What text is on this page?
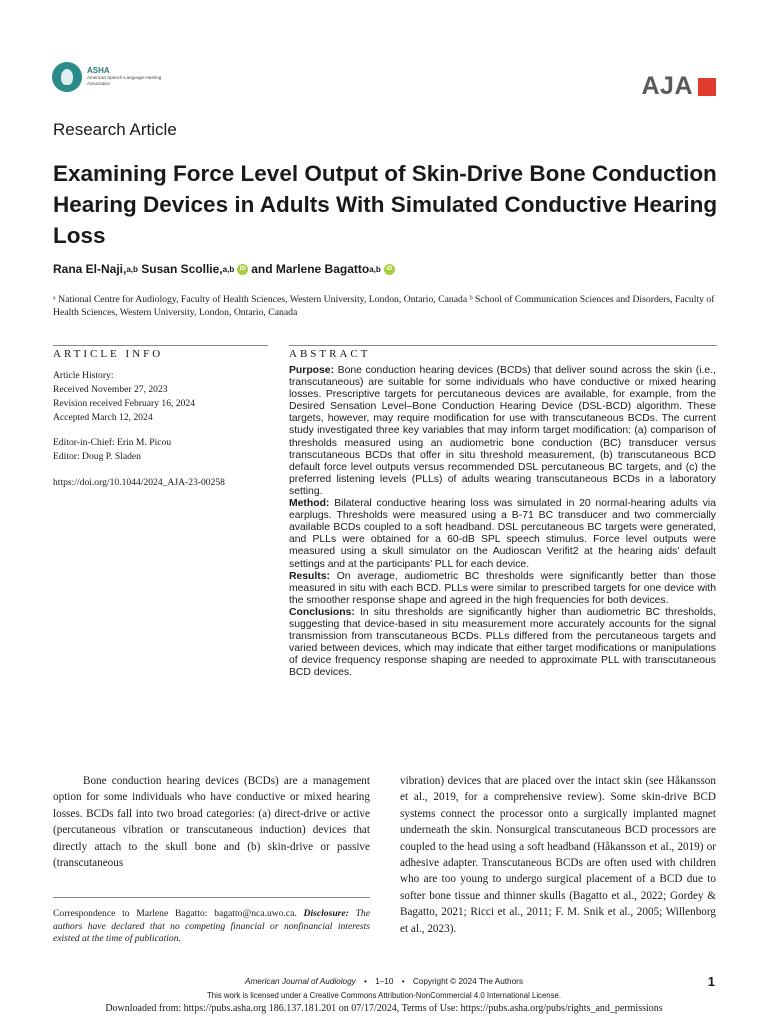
ASHA
American Speech-Language-Hearing Association	AJA
Research Article
Examining Force Level Output of Skin-Drive Bone Conduction Hearing Devices in Adults With Simulated Conductive Hearing Loss
Rana El-Naji, a,b
Susan Scollie, a,b iD and Marlene Bagatto a,b iD
ᵃ National Centre for Audiology, Faculty of Health Sciences, Western University, London, Ontario, Canada ᵇ School of Communication Sciences and Disorders, Faculty of Health Sciences, Western University, London, Ontario, Canada
ARTICLE INFO
Article History:
Received November 27, 2023
Revision received February 16, 2024
Accepted March 12, 2024
Editor-in-Chief: Erin M. Picou
Editor: Doug P. Sladen
https://doi.org/10.1044/2024_AJA-23-00258
ABSTRACT

Purpose: Bone conduction hearing devices (BCDs) that deliver sound across the skin (i.e., transcutaneous) are suitable for some individuals who have conductive or mixed hearing losses. Prescriptive targets for percutaneous devices are available, for example, from the Desired Sensation Level–Bone Conduction Hearing Device (DSL-BCD) algorithm. These targets, however, may require modification for use with transcutaneous BCDs. The current study investigated three key variables that may inform target modification: (a) comparison of thresholds measured using an audiometric bone conduction (BC) transducer versus transcutaneous BCDs that offer in situ threshold measurement, (b) transcutaneous BCD default force level outputs versus recommended DSL percutaneous BC targets, and (c) the preferred listening levels (PLLs) of adults wearing transcutaneous BCDs in a laboratory setting.

Method: Bilateral conductive hearing loss was simulated in 20 normal-hearing adults via earplugs. Thresholds were measured using a B-71 BC transducer and two commercially available BCDs coupled to a soft headband. DSL percutaneous BC targets were generated, and PLLs were obtained for a 60-dB SPL speech stimulus. Force level outputs were measured using a skull simulator on the Audioscan Verifit2 at the hearing aids’ default settings and at the participants’ PLL for each device.

Results: On average, audiometric BC thresholds were significantly better than those measured in situ with each BCD. PLLs were similar to prescribed targets for one device with the smoother response shape and agreed in the high frequencies for both devices.

Conclusions: In situ thresholds are significantly higher than audiometric BC thresholds, suggesting that device-based in situ measurement more accurately accounts for the signal transmission from transcutaneous BCDs. PLLs differed from the percutaneous targets and varied between devices, which may indicate that either target modifications or manipulations of device frequency response shaping are needed to approximate PLL with transcutaneous BCD devices.

Bone conduction hearing devices (BCDs) are a management option for some individuals who have conductive or mixed hearing losses. BCDs fall into two broad categories: (a) direct-drive or active (percutaneous vibration or transcutaneous induction) devices that directly attach to the skull bone and (b) skin-drive or passive (transcutaneous

vibration) devices that are placed over the intact skin (see Håkansson et al., 2019, for a comprehensive review). Some skin-drive BCD systems connect the processor onto a surgically implanted magnet underneath the skin. Nonsurgical transcutaneous BCD processors are coupled to the head using a soft headband (Håkansson et al., 2019) or adhesive adapter. Transcutaneous BCDs are often used with children who are too young to undergo surgical placement of a BCD due to softer bone tissue and thinner skulls (Bagatto et al., 2022; Gordey & Bagatto, 2021; Ricci et al., 2011; F. M. Snik et al., 2005; Willenborg et al., 2023).

Correspondence to Marlene Bagatto: bagatto@nca.uwo.ca. Disclosure: The authors have declared that no competing financial or nonfinancial interests existed at the time of publication.
American Journal of Audiology • 1–10 • Copyright © 2024 The Authors	1
This work is licensed under a Creative Commons Attribution-NonCommercial 4.0 International License.
Downloaded from: https://pubs.asha.org 186.137.181.201 on 07/17/2024, Terms of Use: https://pubs.asha.org/pubs/rights_and_permissions
